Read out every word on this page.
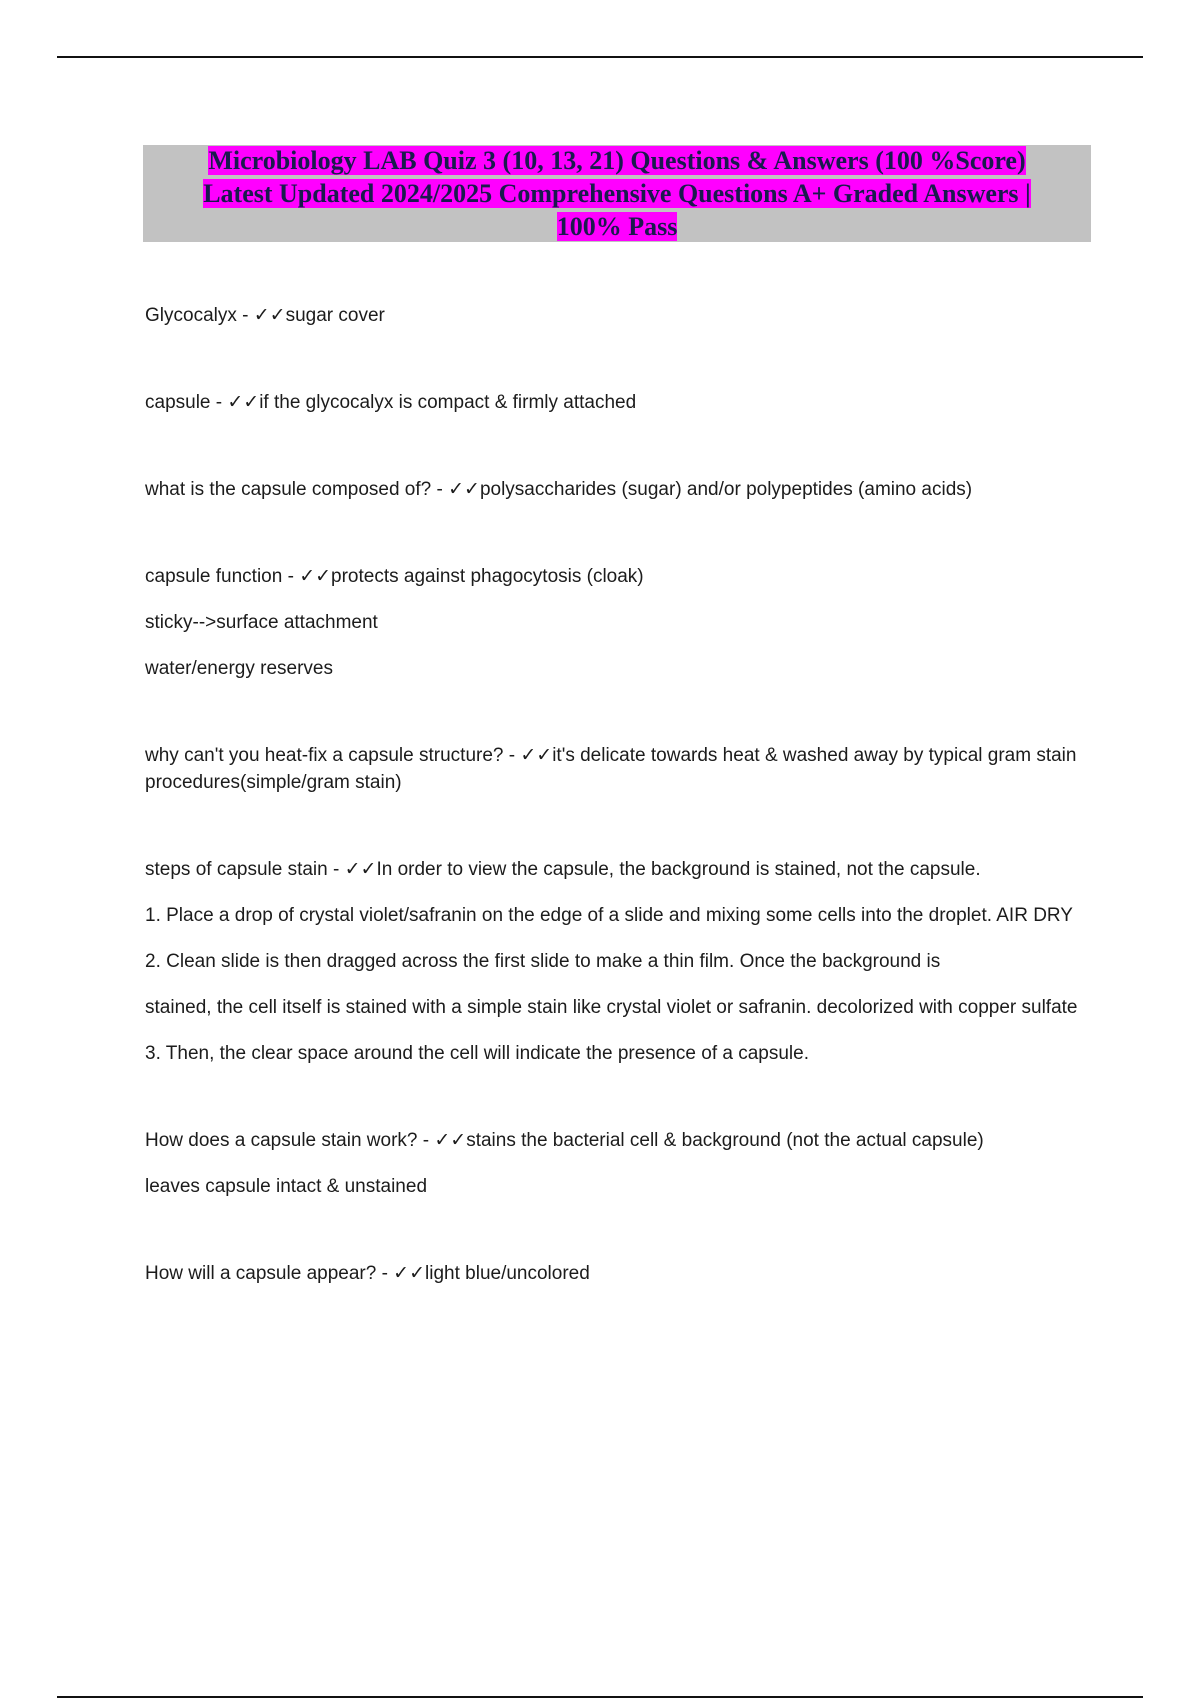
Microbiology LAB Quiz 3 (10, 13, 21) Questions & Answers (100 %Score)
Latest Updated 2024/2025 Comprehensive Questions A+ Graded Answers |
100% Pass

Glycocalyx - ✓✓sugar cover

capsule - ✓✓if the glycocalyx is compact & firmly attached

what is the capsule composed of? - ✓✓polysaccharides (sugar) and/or polypeptides (amino acids)

capsule function - ✓✓protects against phagocytosis (cloak)

sticky-->surface attachment

water/energy reserves

why can't you heat-fix a capsule structure? - ✓✓it's delicate towards heat & washed away by typical gram stain procedures(simple/gram stain)

steps of capsule stain - ✓✓In order to view the capsule, the background is stained, not the capsule.

1. Place a drop of crystal violet/safranin on the edge of a slide and mixing some cells into the droplet. AIR DRY

2. Clean slide is then dragged across the first slide to make a thin film. Once the background is

stained, the cell itself is stained with a simple stain like crystal violet or safranin. decolorized with copper sulfate

3. Then, the clear space around the cell will indicate the presence of a capsule.

How does a capsule stain work? - ✓✓stains the bacterial cell & background (not the actual capsule)

leaves capsule intact & unstained

How will a capsule appear? - ✓✓light blue/uncolored
